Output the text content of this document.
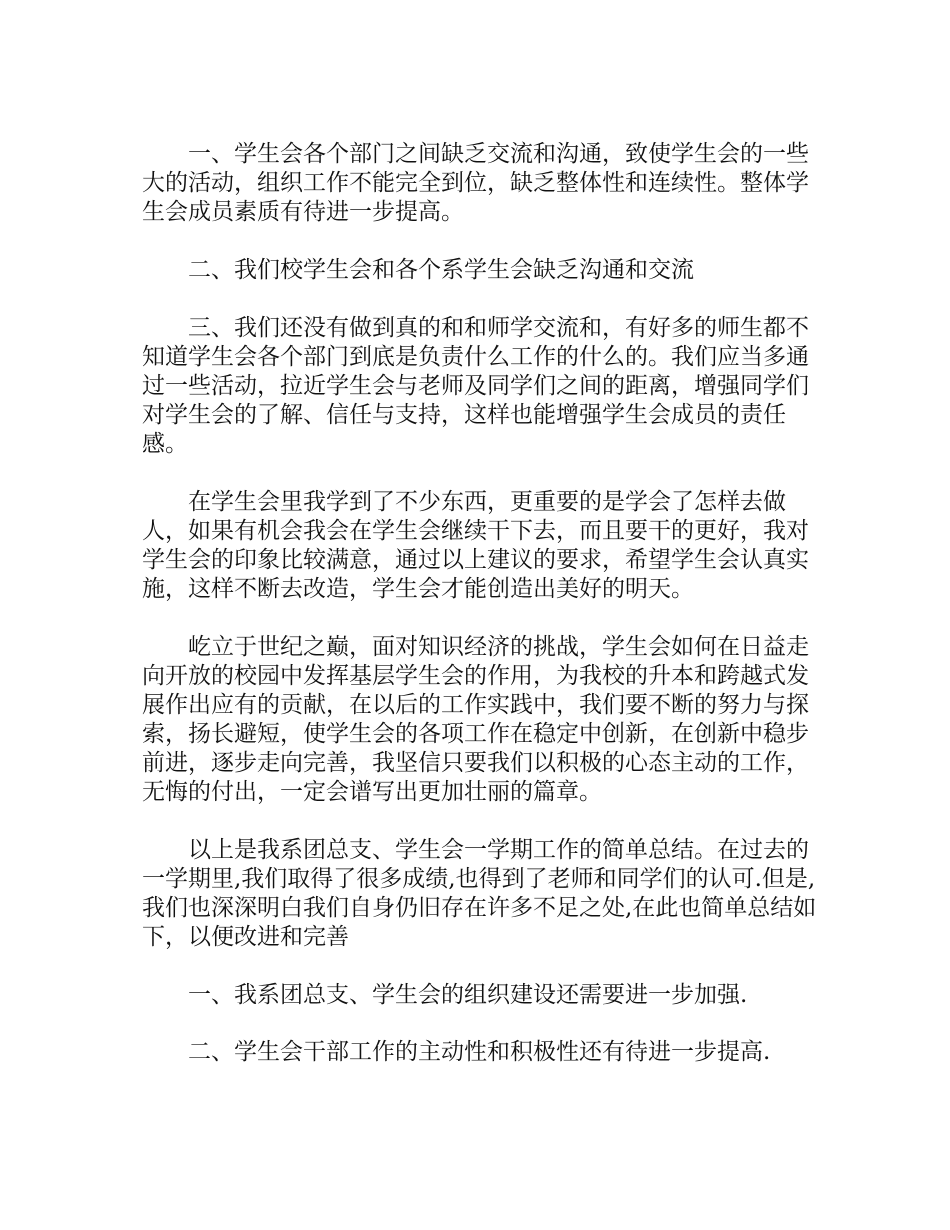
一、学生会各个部门之间缺乏交流和沟通，致使学生会的一些大的活动，组织工作不能完全到位，缺乏整体性和连续性。整体学生会成员素质有待进一步提高。

二、我们校学生会和各个系学生会缺乏沟通和交流

三、我们还没有做到真的和和师学交流和，有好多的师生都不知道学生会各个部门到底是负责什么工作的什么的。我们应当多通过一些活动，拉近学生会与老师及同学们之间的距离，增强同学们对学生会的了解、信任与支持，这样也能增强学生会成员的责任感。

在学生会里我学到了不少东西，更重要的是学会了怎样去做人，如果有机会我会在学生会继续干下去，而且要干的更好，我对学生会的印象比较满意，通过以上建议的要求，希望学生会认真实施，这样不断去改造，学生会才能创造出美好的明天。

屹立于世纪之巅，面对知识经济的挑战，学生会如何在日益走向开放的校园中发挥基层学生会的作用，为我校的升本和跨越式发展作出应有的贡献，在以后的工作实践中，我们要不断的努力与探索，扬长避短，使学生会的各项工作在稳定中创新，在创新中稳步前进，逐步走向完善，我坚信只要我们以积极的心态主动的工作，无悔的付出，一定会谱写出更加壮丽的篇章。

以上是我系团总支、学生会一学期工作的简单总结。在过去的一学期里,我们取得了很多成绩,也得到了老师和同学们的认可.但是,我们也深深明白我们自身仍旧存在许多不足之处,在此也简单总结如下，以便改进和完善

一、我系团总支、学生会的组织建设还需要进一步加强.

二、学生会干部工作的主动性和积极性还有待进一步提高.
